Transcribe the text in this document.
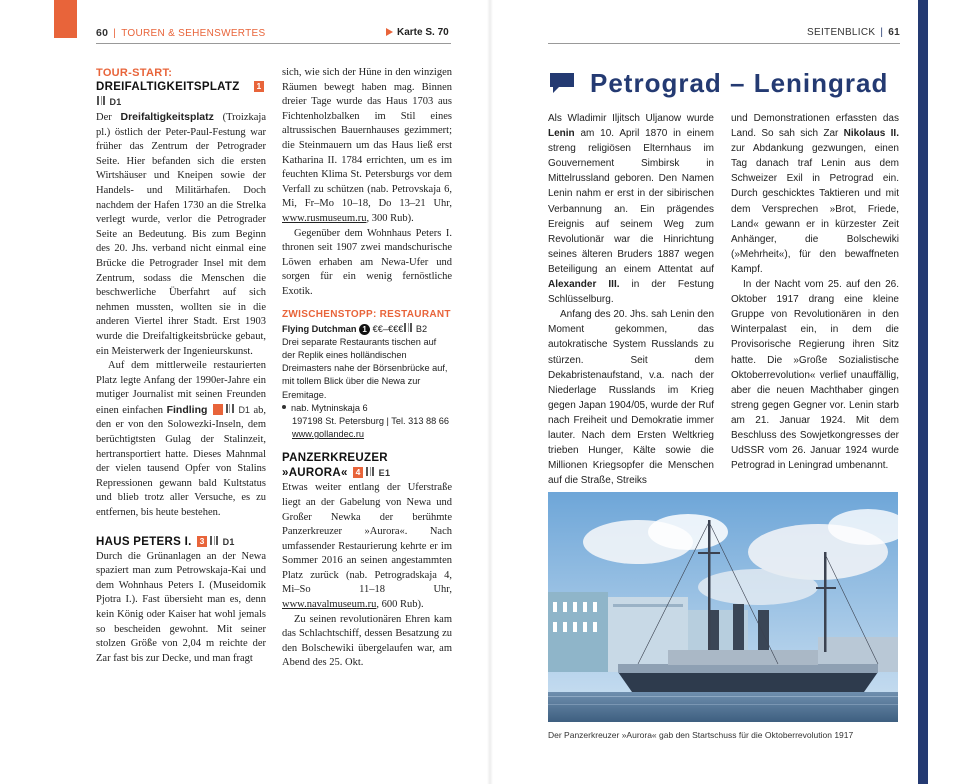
60 | TOUREN & SEHENSWERTES	Karte S. 70	SEITENBLICK | 61

TOUR-START:

DREIFALTIGKEITSPLATZ 1 D1

Der Dreifaltigkeitsplatz (Troizkaja pl.) östlich der Peter-Paul-Festung war früher das Zentrum der Petrograder Seite. Hier befanden sich die ersten Wirtshäuser und Kneipen sowie der Handels- und Militärhafen. Doch nachdem der Hafen 1730 an die Strelka verlegt wurde, verlor die Petrograder Seite an Bedeutung. Bis zum Beginn des 20. Jhs. verband nicht einmal eine Brücke die Petrograder Insel mit dem Zentrum, sodass die Menschen die beschwerliche Überfahrt auf sich nehmen mussten, wollten sie in die anderen Viertel ihrer Stadt. Erst 1903 wurde die Dreifaltigkeitsbrücke gebaut, ein Meisterwerk der Ingenieurskunst.

Auf dem mittlerweile restaurierten Platz legte Anfang der 1990er-Jahre ein mutiger Journalist mit seinen Freunden einen einfachen Findling	D1 ab, den er von den Solowezki-Inseln, dem berüchtigtsten Gulag der Stalinzeit, hertransportiert hatte. Dieses Mahnmal der vielen tausend Opfer von Stalins Repressionen gewann bald Kultstatus und blieb trotz aller Versuche, es zu entfernen, bis heute bestehen.

HAUS PETERS I. 3 D1

Durch die Grünanlagen an der Newa spaziert man zum Petrowskaja-Kai und dem Wohnhaus Peters I. (Museidomik Pjotra I.). Fast übersieht man es, denn kein König oder Kaiser hat wohl jemals so bescheiden gewohnt. Mit seiner stolzen Größe von 2,04 m reichte der Zar fast bis zur Decke, und man fragt

sich, wie sich der Hüne in den winzigen Räumen bewegt haben mag. Binnen dreier Tage wurde das Haus 1703 aus Fichtenholzbalken im Stil eines altrussischen Bauernhauses gezimmert; die Steinmauern um das Haus ließ erst Katharina II. 1784 errichten, um es im feuchten Klima St. Petersburgs vor dem Verfall zu schützen (nab. Petrovskaja 6, Mi, Fr–Mo 10–18, Do 13–21 Uhr, www.rusmuseum.ru, 300 Rub).

Gegenüber dem Wohnhaus Peters I. thronen seit 1907 zwei mandschurische Löwen erhaben am Newa-Ufer und sorgen für ein wenig fernöstliche Exotik.

ZWISCHENSTOPP: RESTAURANT

Flying Dutchman 1 €€–€€€ B2

Drei separate Restaurants tischen auf der Replik eines holländischen Dreimasters nahe der Börsenbrücke auf, mit tollem Blick über die Newa zur Eremitage.

nab. Mytninskaja 6

197198 St. Petersburg | Tel. 313 88 66

www.gollandec.ru

PANZERKREUZER

»AURORA« 4 E1

Etwas weiter entlang der Uferstraße liegt an der Gabelung von Newa und Großer Newka der berühmte Panzerkreuzer »Aurora«. Nach umfassender Restaurierung kehrte er im Sommer 2016 an seinen angestammten Platz zurück (nab. Petrogradskaja 4, Mi–So 11–18 Uhr, www.navalmuseum.ru, 600 Rub).

Zu seinen revolutionären Ehren kam das Schlachtschiff, dessen Besatzung zu den Bolschewiki übergelaufen war, am Abend des 25. Okt.

Petrograd – Leningrad

Als Wladimir Iljitsch Uljanow wurde Lenin am 10. April 1870 in einem streng religiösen Elternhaus im Gouvernement Simbirsk in Mittelrussland geboren. Den Namen Lenin nahm er erst in der sibirischen Verbannung an. Ein prägendes Ereignis auf seinem Weg zum Revolutionär war die Hinrichtung seines älteren Bruders 1887 wegen Beteiligung an einem Attentat auf Alexander III. in der Festung Schlüsselburg.

Anfang des 20. Jhs. sah Lenin den Moment gekommen, das autokratische System Russlands zu stürzen. Seit dem Dekabristenaufstand, v.a. nach der Niederlage Russlands im Krieg gegen Japan 1904/05, wurde der Ruf nach Freiheit und Demokratie immer lauter. Nach dem Ersten Weltkrieg trieben Hunger, Kälte sowie die Millionen Kriegsopfer die Menschen auf die Straße, Streiks

und Demonstrationen erfassten das Land. So sah sich Zar Nikolaus II. zur Abdankung gezwungen, einen Tag danach traf Lenin aus dem Schweizer Exil in Petrograd ein. Durch geschicktes Taktieren und mit dem Versprechen »Brot, Friede, Land« gewann er in kürzester Zeit Anhänger, die Bolschewiki (»Mehrheit«), für den bewaffneten Kampf.

In der Nacht vom 25. auf den 26. Oktober 1917 drang eine kleine Gruppe von Revolutionären in den Winterpalast ein, in dem die Provisorische Regierung ihren Sitz hatte. Die »Große Sozialistische Oktoberrevolution« verlief unauffällig, aber die neuen Machthaber gingen streng gegen Gegner vor. Lenin starb am 21. Januar 1924. Mit dem Beschluss des Sowjetkongresses der UdSSR vom 26. Januar 1924 wurde Petrograd in Leningrad umbenannt.

Der Panzerkreuzer »Aurora« gab den Startschuss für die Oktoberrevolution 1917
